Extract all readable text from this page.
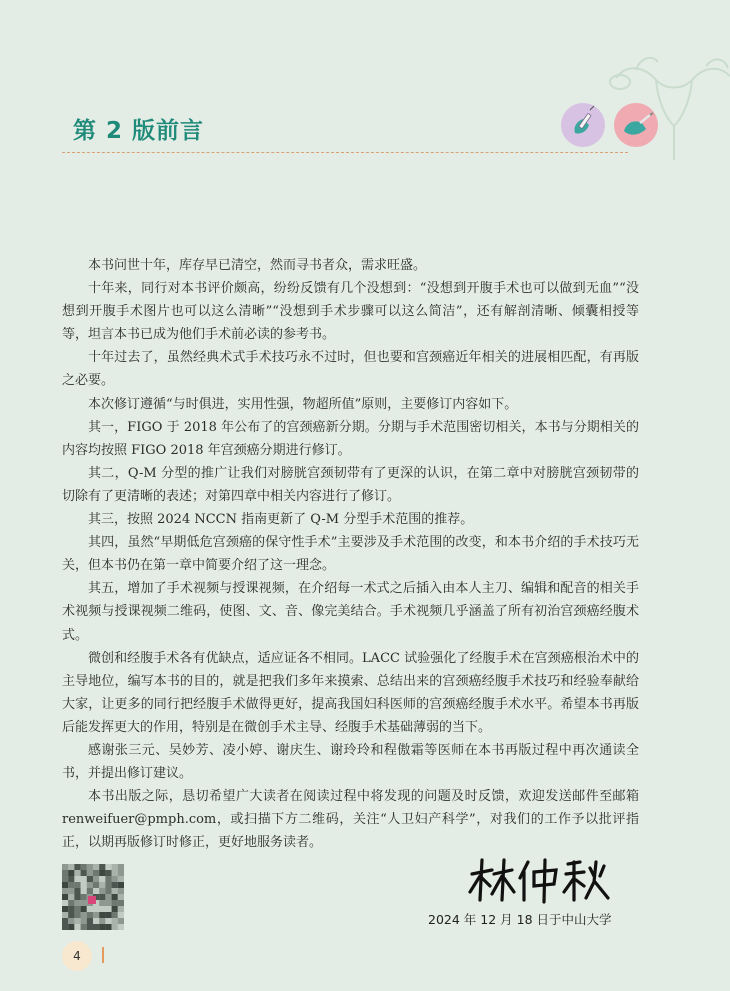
第 2 版前言

本书问世十年，库存早已清空，然而寻书者众，需求旺盛。

十年来，同行对本书评价颇高，纷纷反馈有几个没想到：“没想到开腹手术也可以做到无血”“没想到开腹手术图片也可以这么清晰”“没想到手术步骤可以这么简洁”，还有解剖清晰、倾囊相授等等，坦言本书已成为他们手术前必读的参考书。

十年过去了，虽然经典术式手术技巧永不过时，但也要和宫颈癌近年相关的进展相匹配，有再版之必要。

本次修订遵循“与时俱进，实用性强，物超所值”原则，主要修订内容如下。

其一，FIGO 于 2018 年公布了的宫颈癌新分期。分期与手术范围密切相关，本书与分期相关的内容均按照 FIGO 2018 年宫颈癌分期进行修订。

其二，Q-M 分型的推广让我们对膀胱宫颈韧带有了更深的认识，在第二章中对膀胱宫颈韧带的切除有了更清晰的表述；对第四章中相关内容进行了修订。

其三，按照 2024 NCCN 指南更新了 Q-M 分型手术范围的推荐。

其四，虽然“早期低危宫颈癌的保守性手术”主要涉及手术范围的改变，和本书介绍的手术技巧无关，但本书仍在第一章中简要介绍了这一理念。

其五，增加了手术视频与授课视频，在介绍每一术式之后插入由本人主刀、编辑和配音的相关手术视频与授课视频二维码，使图、文、音、像完美结合。手术视频几乎涵盖了所有初治宫颈癌经腹术式。

微创和经腹手术各有优缺点，适应证各不相同。LACC 试验强化了经腹手术在宫颈癌根治术中的主导地位，编写本书的目的，就是把我们多年来摸索、总结出来的宫颈癌经腹手术技巧和经验奉献给大家，让更多的同行把经腹手术做得更好，提高我国妇科医师的宫颈癌经腹手术水平。希望本书再版后能发挥更大的作用，特别是在微创手术主导、经腹手术基础薄弱的当下。

感谢张三元、吴妙芳、凌小婷、谢庆生、谢玲玲和程傲霜等医师在本书再版过程中再次通读全书，并提出修订建议。

本书出版之际，恳切希望广大读者在阅读过程中将发现的问题及时反馈，欢迎发送邮件至邮箱 renweifuer@pmph.com，或扫描下方二维码，关注“人卫妇产科学”，对我们的工作予以批评指正，以期再版修订时修正，更好地服务读者。

2024 年 12 月 18 日于中山大学
4
